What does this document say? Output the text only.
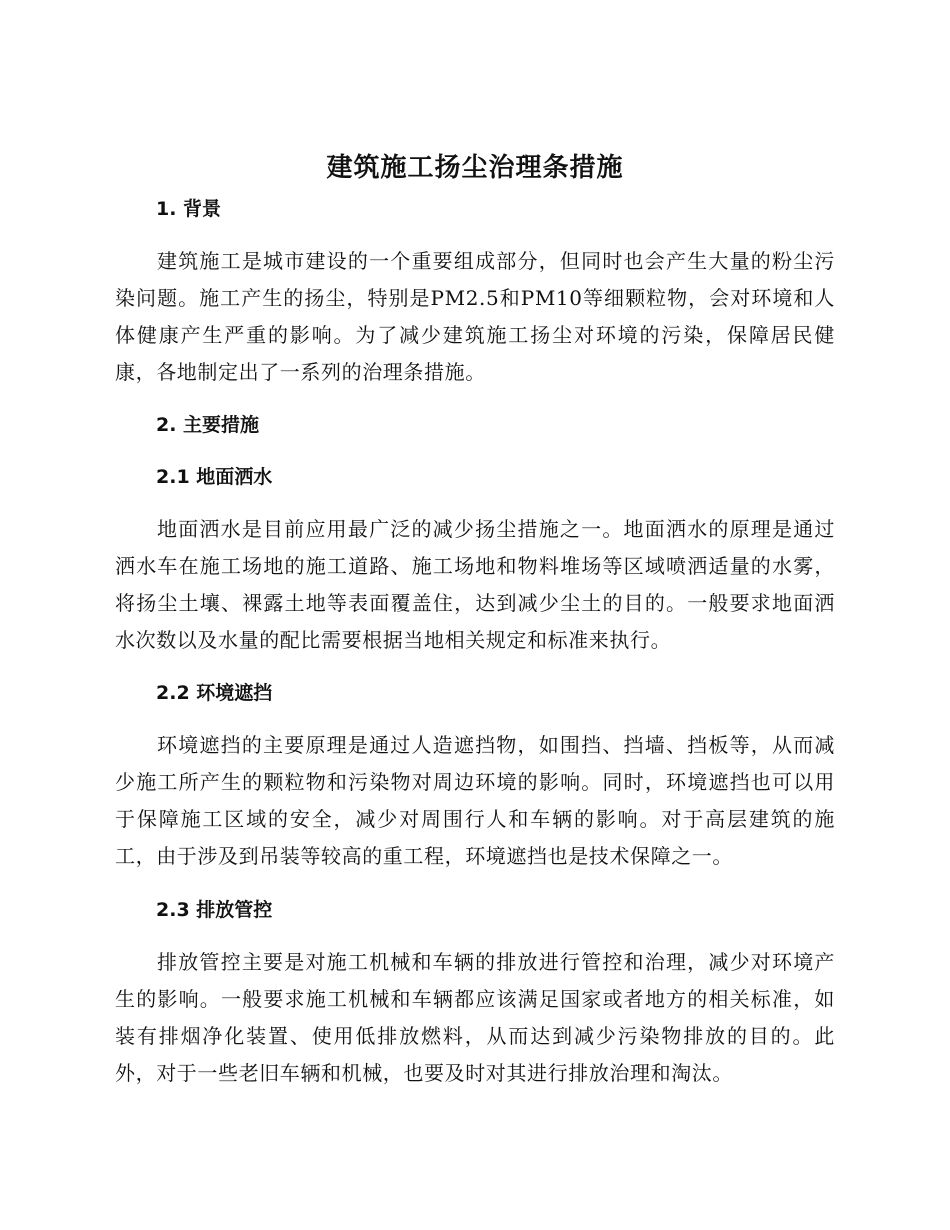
建筑施工扬尘治理条措施
1. 背景
建筑施工是城市建设的一个重要组成部分，但同时也会产生大量的粉尘污染问题。施工产生的扬尘，特别是PM2.5和PM10等细颗粒物，会对环境和人体健康产生严重的影响。为了减少建筑施工扬尘对环境的污染，保障居民健康，各地制定出了一系列的治理条措施。
2. 主要措施
2.1 地面洒水
地面洒水是目前应用最广泛的减少扬尘措施之一。地面洒水的原理是通过洒水车在施工场地的施工道路、施工场地和物料堆场等区域喷洒适量的水雾，将扬尘土壤、裸露土地等表面覆盖住，达到减少尘土的目的。一般要求地面洒水次数以及水量的配比需要根据当地相关规定和标准来执行。
2.2 环境遮挡
环境遮挡的主要原理是通过人造遮挡物，如围挡、挡墙、挡板等，从而减少施工所产生的颗粒物和污染物对周边环境的影响。同时，环境遮挡也可以用于保障施工区域的安全，减少对周围行人和车辆的影响。对于高层建筑的施工，由于涉及到吊装等较高的重工程，环境遮挡也是技术保障之一。
2.3 排放管控
排放管控主要是对施工机械和车辆的排放进行管控和治理，减少对环境产生的影响。一般要求施工机械和车辆都应该满足国家或者地方的相关标准，如装有排烟净化装置、使用低排放燃料，从而达到减少污染物排放的目的。此外，对于一些老旧车辆和机械，也要及时对其进行排放治理和淘汰。
